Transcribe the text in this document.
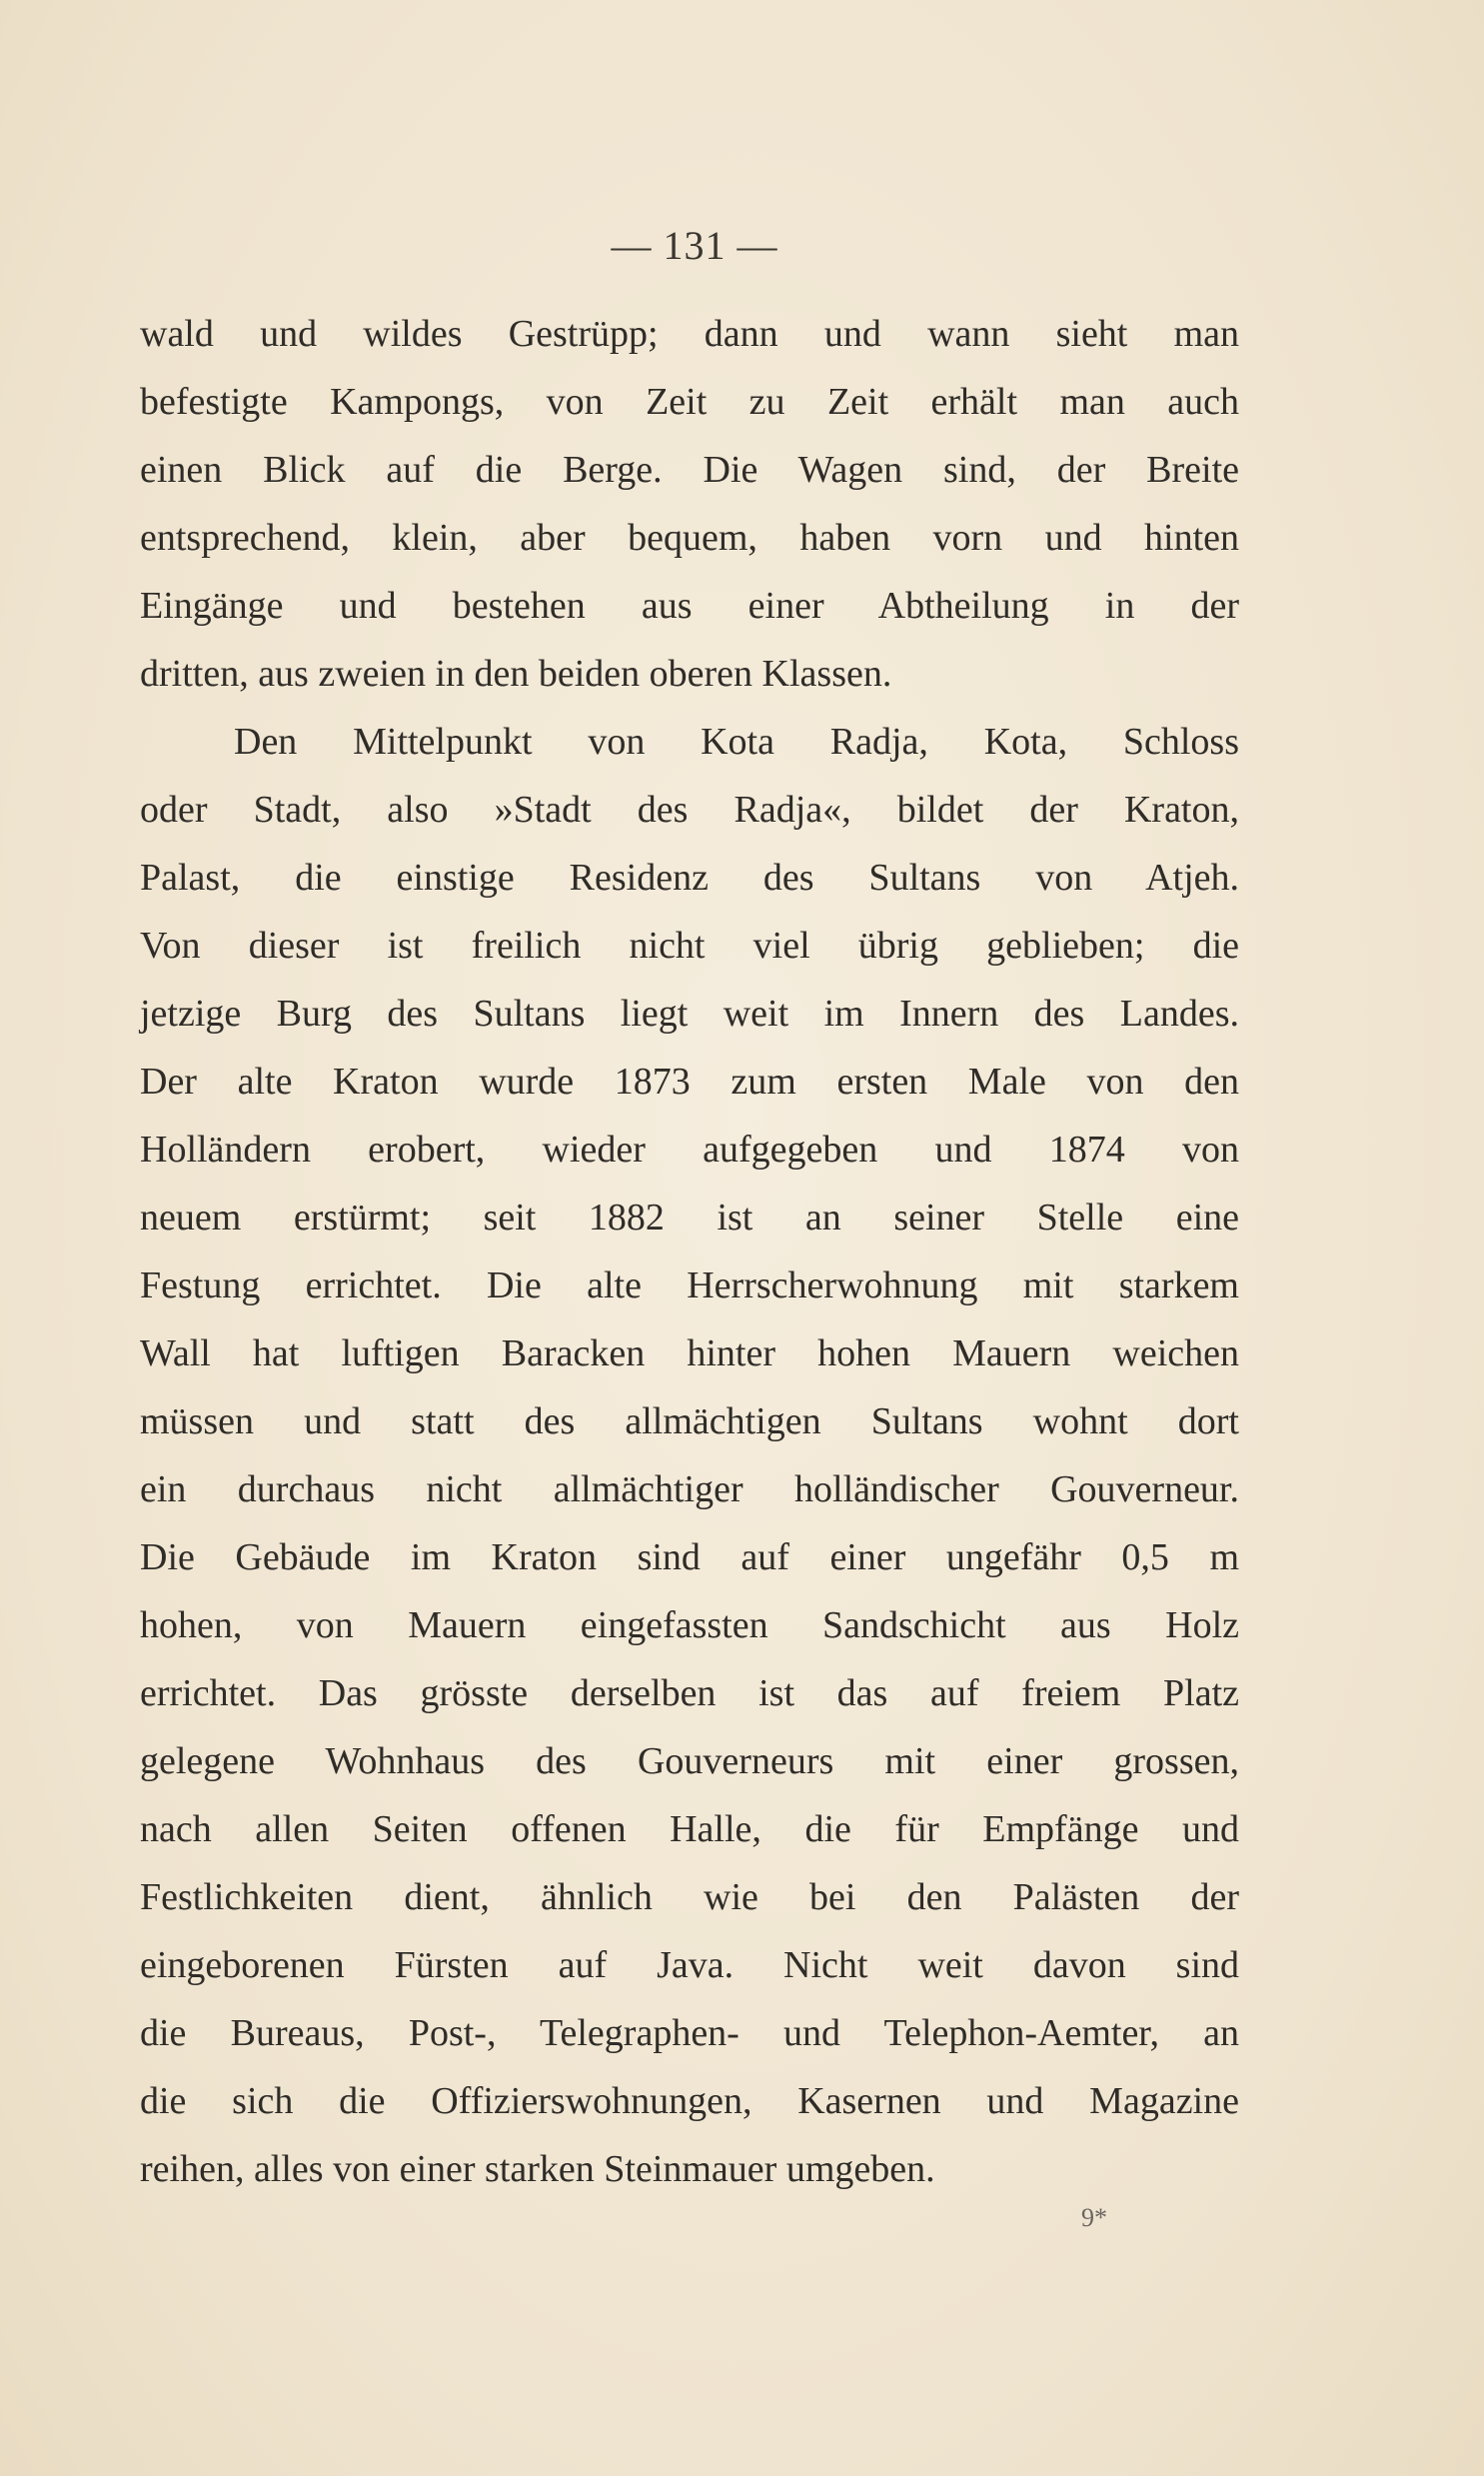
— 131 —
wald und wildes Gestrüpp; dann und wann sieht man
befestigte Kampongs, von Zeit zu Zeit erhält man auch
einen Blick auf die Berge. Die Wagen sind, der Breite
entsprechend, klein, aber bequem, haben vorn und hinten
Eingänge und bestehen aus einer Abtheilung in der
dritten, aus zweien in den beiden oberen Klassen.
Den Mittelpunkt von Kota Radja, Kota, Schloss
oder Stadt, also »Stadt des Radja«, bildet der Kraton,
Palast, die einstige Residenz des Sultans von Atjeh.
Von dieser ist freilich nicht viel übrig geblieben; die
jetzige Burg des Sultans liegt weit im Innern des Landes.
Der alte Kraton wurde 1873 zum ersten Male von den
Holländern erobert, wieder aufgegeben und 1874 von
neuem erstürmt; seit 1882 ist an seiner Stelle eine
Festung errichtet. Die alte Herrscherwohnung mit starkem
Wall hat luftigen Baracken hinter hohen Mauern weichen
müssen und statt des allmächtigen Sultans wohnt dort
ein durchaus nicht allmächtiger holländischer Gouverneur.
Die Gebäude im Kraton sind auf einer ungefähr 0,5 m
hohen, von Mauern eingefassten Sandschicht aus Holz
errichtet. Das grösste derselben ist das auf freiem Platz
gelegene Wohnhaus des Gouverneurs mit einer grossen,
nach allen Seiten offenen Halle, die für Empfänge und
Festlichkeiten dient, ähnlich wie bei den Palästen der
eingeborenen Fürsten auf Java. Nicht weit davon sind
die Bureaus, Post-, Telegraphen- und Telephon-Aemter, an
die sich die Offizierswohnungen, Kasernen und Magazine
reihen, alles von einer starken Steinmauer umgeben.
9*
